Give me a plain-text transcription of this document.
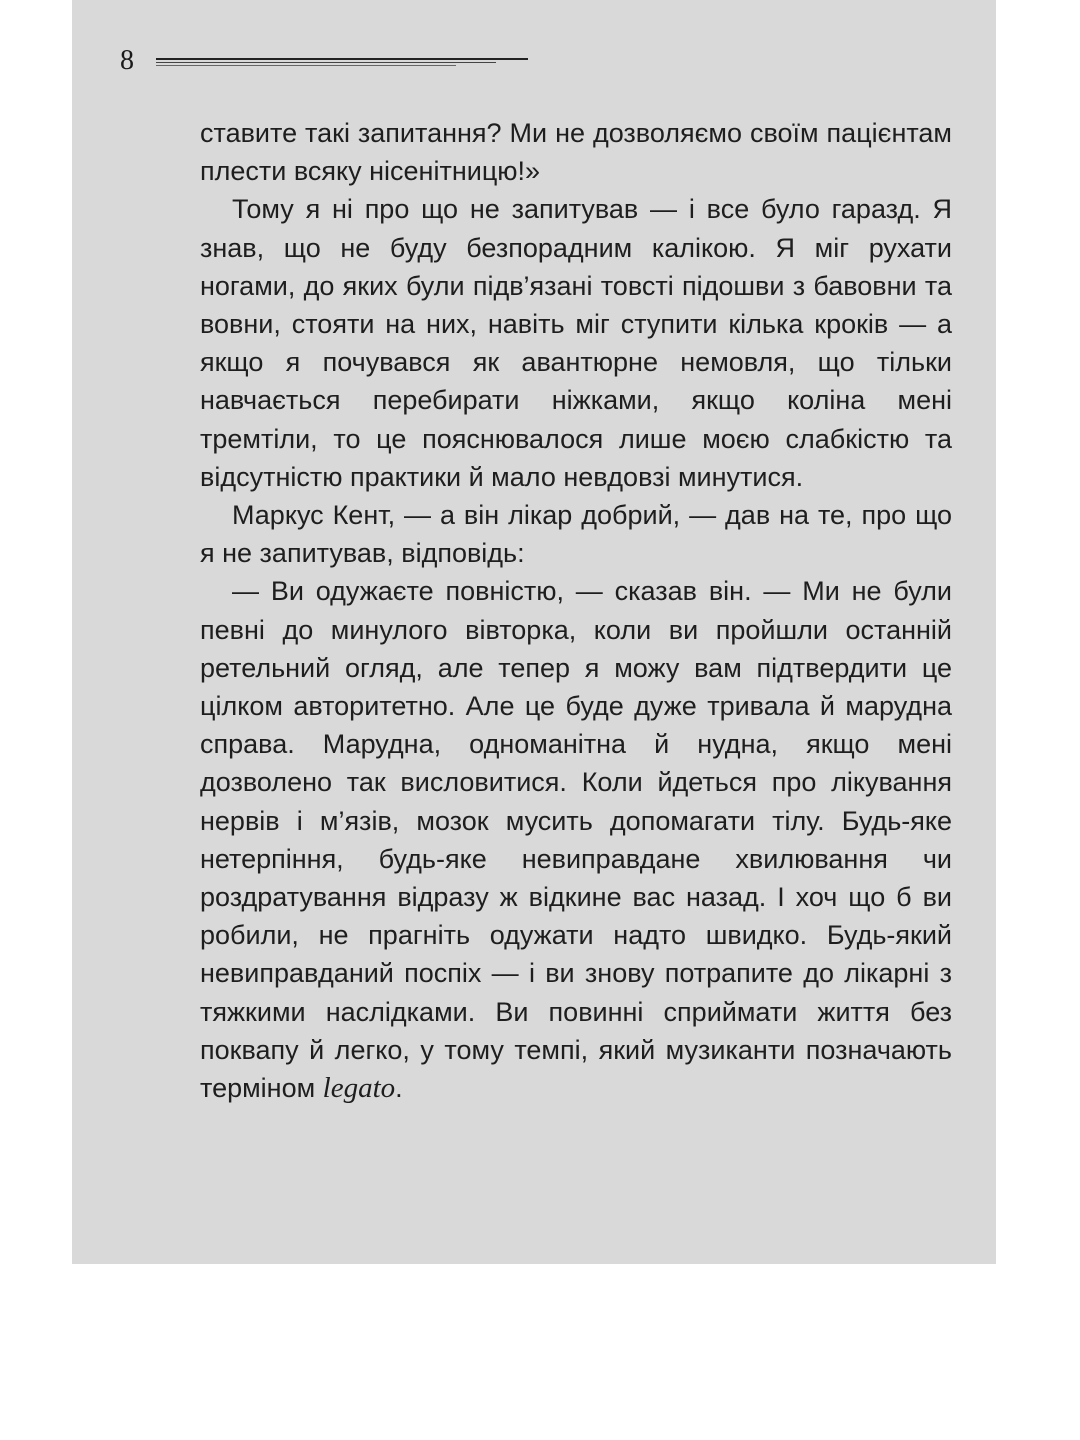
8

ставите такі запитання? Ми не дозволяємо своїм пацієнтам плести всяку нісенітницю!»

Тому я ні про що не запитував — і все було гаразд. Я знав, що не буду безпорадним калікою. Я міг рухати ногами, до яких були підв’язані товсті підошви з бавовни та вовни, стояти на них, навіть міг ступити кілька кроків — а якщо я почувався як авантюрне немовля, що тільки навчається перебирати ніжками, якщо коліна мені тремтіли, то це пояснювалося лише моєю слабкістю та відсутністю практики й мало невдовзі минутися.

Маркус Кент, — а він лікар добрий, — дав на те, про що я не запитував, відповідь:

— Ви одужаєте повністю, — сказав він. — Ми не були певні до минулого вівторка, коли ви пройшли останній ретельний огляд, але тепер я можу вам підтвердити це цілком авторитетно. Але це буде дуже тривала й марудна справа. Марудна, одноманітна й нудна, якщо мені дозволено так висловитися. Коли йдеться про лікування нервів і м’язів, мозок мусить допомагати тілу. Будь-яке нетерпіння, будь-яке невиправдане хвилювання чи роздратування відразу ж відкине вас назад. І хоч що б ви робили, не прагніть одужати надто швидко. Будь-який невиправданий поспіх — і ви знову потрапите до лікарні з тяжкими наслідками. Ви повинні сприймати життя без поквапу й легко, у тому темпі, який музиканти позначають терміном legato.
